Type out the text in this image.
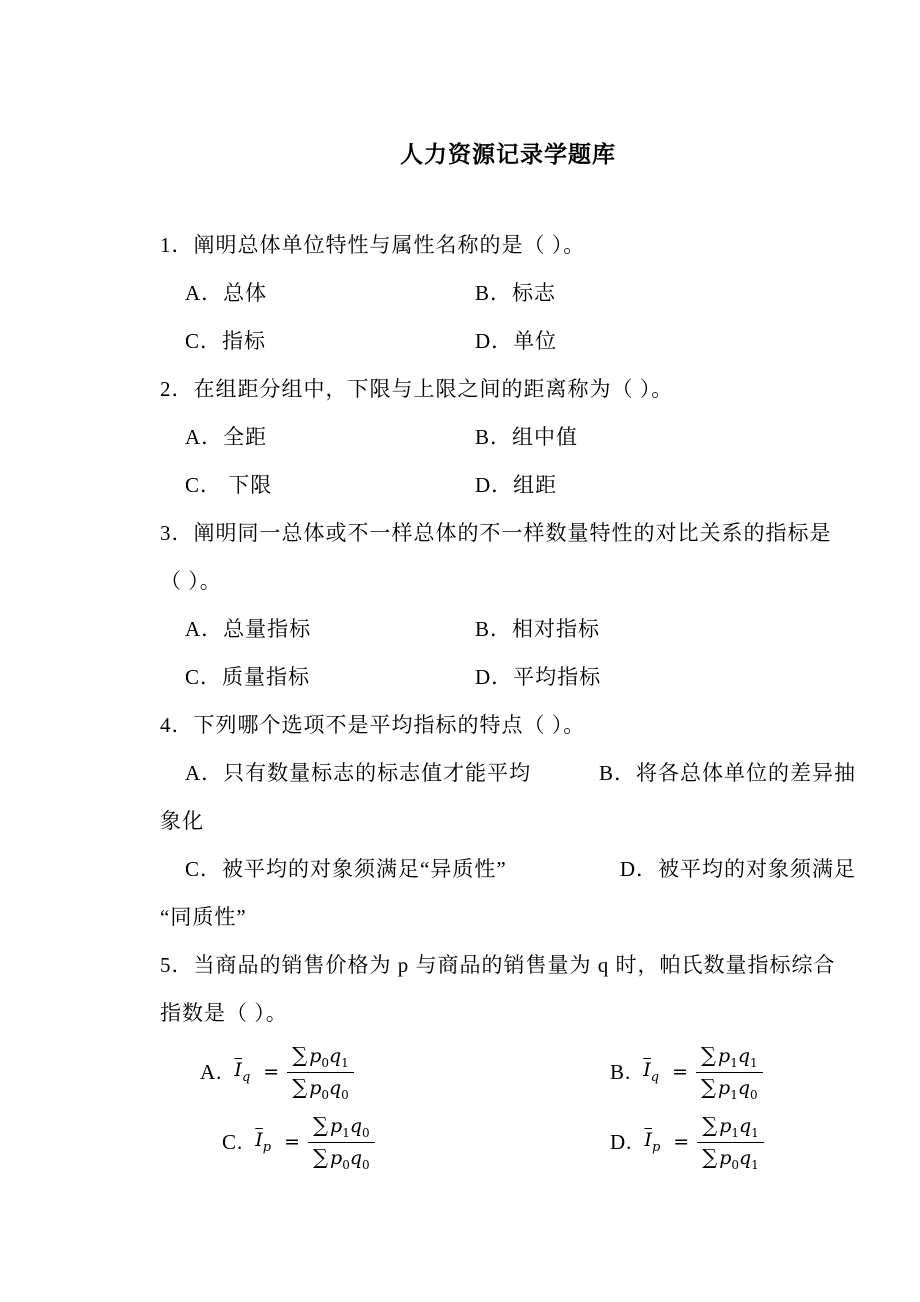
人力资源记录学题库
1．阐明总体单位特性与属性名称的是（ ）。
A．总体	B．标志
C．指标	D．单位
2．在组距分组中，下限与上限之间的距离称为（ ）。
A．全距	B．组中值
C． 下限	D．组距
3．阐明同一总体或不一样总体的不一样数量特性的对比关系的指标是
（ ）。
A．总量指标	B．相对指标
C．质量指标	D．平均指标
4．下列哪个选项不是平均指标的特点（ ）。
A．只有数量标志的标志值才能平均	B．将各总体单位的差异抽
象化
C．被平均的对象须满足“异质性”	D．被平均的对象须满足
“同质性”
5．当商品的销售价格为 p 与商品的销售量为 q 时，帕氏数量指标综合
指数是（ ）。
A. $\overline{I}_q = \frac{\sum p_0q_1}{\sum p_0q_0}$	B. $\overline{I}_q = \frac{\sum p_1q_1}{\sum p_1q_0}$
C. $\overline{I}_p = \frac{\sum p_1q_0}{\sum p_0q_0}$	D. $\overline{I}_p = \frac{\sum p_1q_1}{\sum p_0q_1}$
